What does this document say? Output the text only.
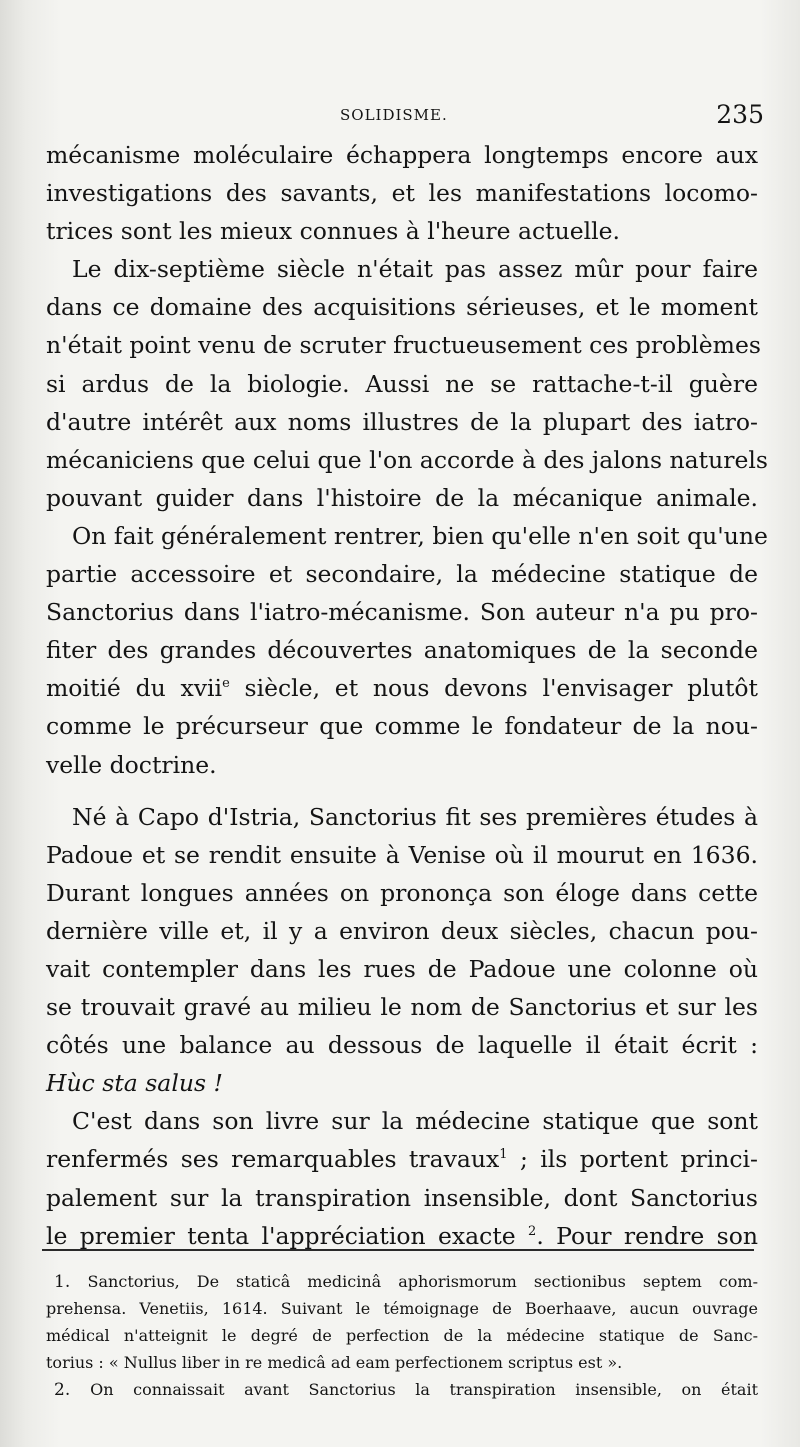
SOLIDISME.	235
mécanisme moléculaire échappera longtemps encore aux
investigations des savants, et les manifestations locomo-
trices sont les mieux connues à l'heure actuelle.
Le dix-septième siècle n'était pas assez mûr pour faire
dans ce domaine des acquisitions sérieuses, et le moment
n'était point venu de scruter fructueusement ces problèmes
si ardus de la biologie. Aussi ne se rattache-t-il guère
d'autre intérêt aux noms illustres de la plupart des iatro-
mécaniciens que celui que l'on accorde à des jalons naturels
pouvant guider dans l'histoire de la mécanique animale.
On fait généralement rentrer, bien qu'elle n'en soit qu'une
partie accessoire et secondaire, la médecine statique de
Sanctorius dans l'iatro-mécanisme. Son auteur n'a pu pro-
fiter des grandes découvertes anatomiques de la seconde
moitié du xvii$^e$ siècle, et nous devons l'envisager plutôt
comme le précurseur que comme le fondateur de la nou-
velle doctrine.
Né à Capo d'Istria, Sanctorius fit ses premières études à
Padoue et se rendit ensuite à Venise où il mourut en 1636.
Durant longues années on prononça son éloge dans cette
dernière ville et, il y a environ deux siècles, chacun pou-
vait contempler dans les rues de Padoue une colonne où
se trouvait gravé au milieu le nom de Sanctorius et sur les
côtés une balance au dessous de laquelle il était écrit :
Hùc sta salus !
C'est dans son livre sur la médecine statique que sont
renfermés ses remarquables travaux$^1$ ; ils portent princi-
palement sur la transpiration insensible, dont Sanctorius
le premier tenta l'appréciation exacte $^2$. Pour rendre son
1. Sanctorius, De staticâ medicinâ aphorismorum sectionibus septem com-
prehensa. Venetiis, 1614. Suivant le témoignage de Boerhaave, aucun ouvrage
médical n'atteignit le degré de perfection de la médecine statique de Sanc-
torius : « Nullus liber in re medicâ ad eam perfectionem scriptus est ».
2. On connaissait avant Sanctorius la transpiration insensible, on était
